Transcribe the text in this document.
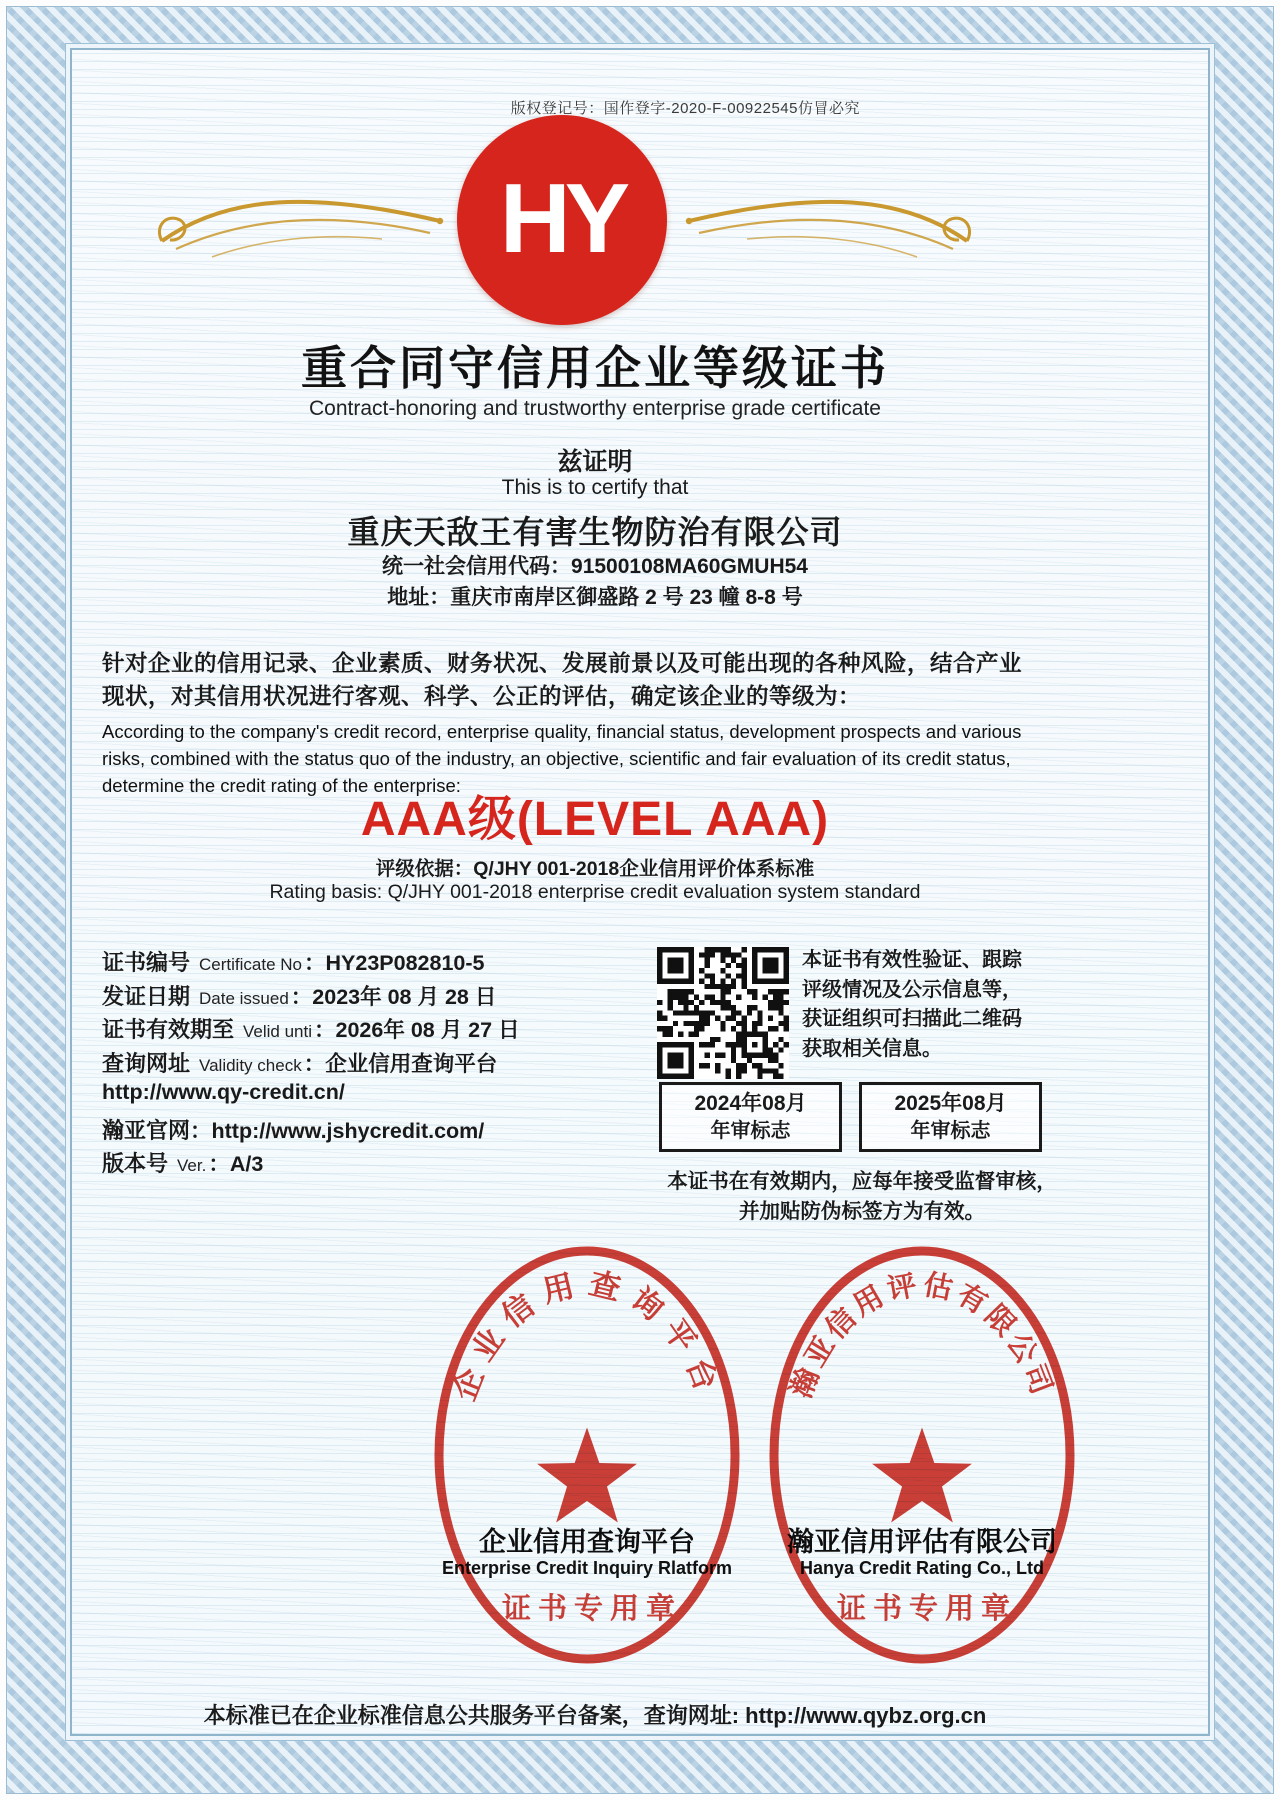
版权登记号：国作登字-2020-F-00922545仿冒必究
HY
重合同守信用企业等级证书
Contract-honoring and trustworthy enterprise grade certificate
兹证明
This is to certify that
重庆天敌王有害生物防治有限公司
统一社会信用代码：91500108MA60GMUH54
地址：重庆市南岸区御盛路 2 号 23 幢 8-8 号
针对企业的信用记录、企业素质、财务状况、发展前景以及可能出现的各种风险，结合产业
现状，对其信用状况进行客观、科学、公正的评估，确定该企业的等级为：
According to the company's credit record, enterprise quality, financial status, development prospects and various
risks, combined with the status quo of the industry, an objective, scientific and fair evaluation of its credit status,
determine the credit rating of the enterprise:
AAA级(LEVEL AAA)
评级依据：Q/JHY 001-2018企业信用评价体系标准
Rating basis: Q/JHY 001-2018 enterprise credit evaluation system standard
证书编号 Certificate No ：HY23P082810-5
发证日期 Date issued ：2023年 08 月 28 日
证书有效期至 Velid unti ：2026年 08 月 27 日
查询网址 Validity check ：企业信用查询平台
http://www.qy-credit.cn/
瀚亚官网 ：http://www.jshycredit.com/
版本号 Ver. ：A/3
本证书有效性验证、跟踪
评级情况及公示信息等，
获证组织可扫描此二维码
获取相关信息。
2024年08月
年审标志
2025年08月
年审标志
本证书在有效期内，应每年接受监督审核，
并加贴防伪标签方为有效。
企业信用查询平台
Enterprise Credit Inquiry Rlatform
企业信用查询平台
证书专用章
瀚亚信用评估有限公司
Hanya Credit Rating Co., Ltd
瀚亚信用评估有限公司
证书专用章
本标准已在企业标准信息公共服务平台备案，查询网址: http://www.qybz.org.cn
